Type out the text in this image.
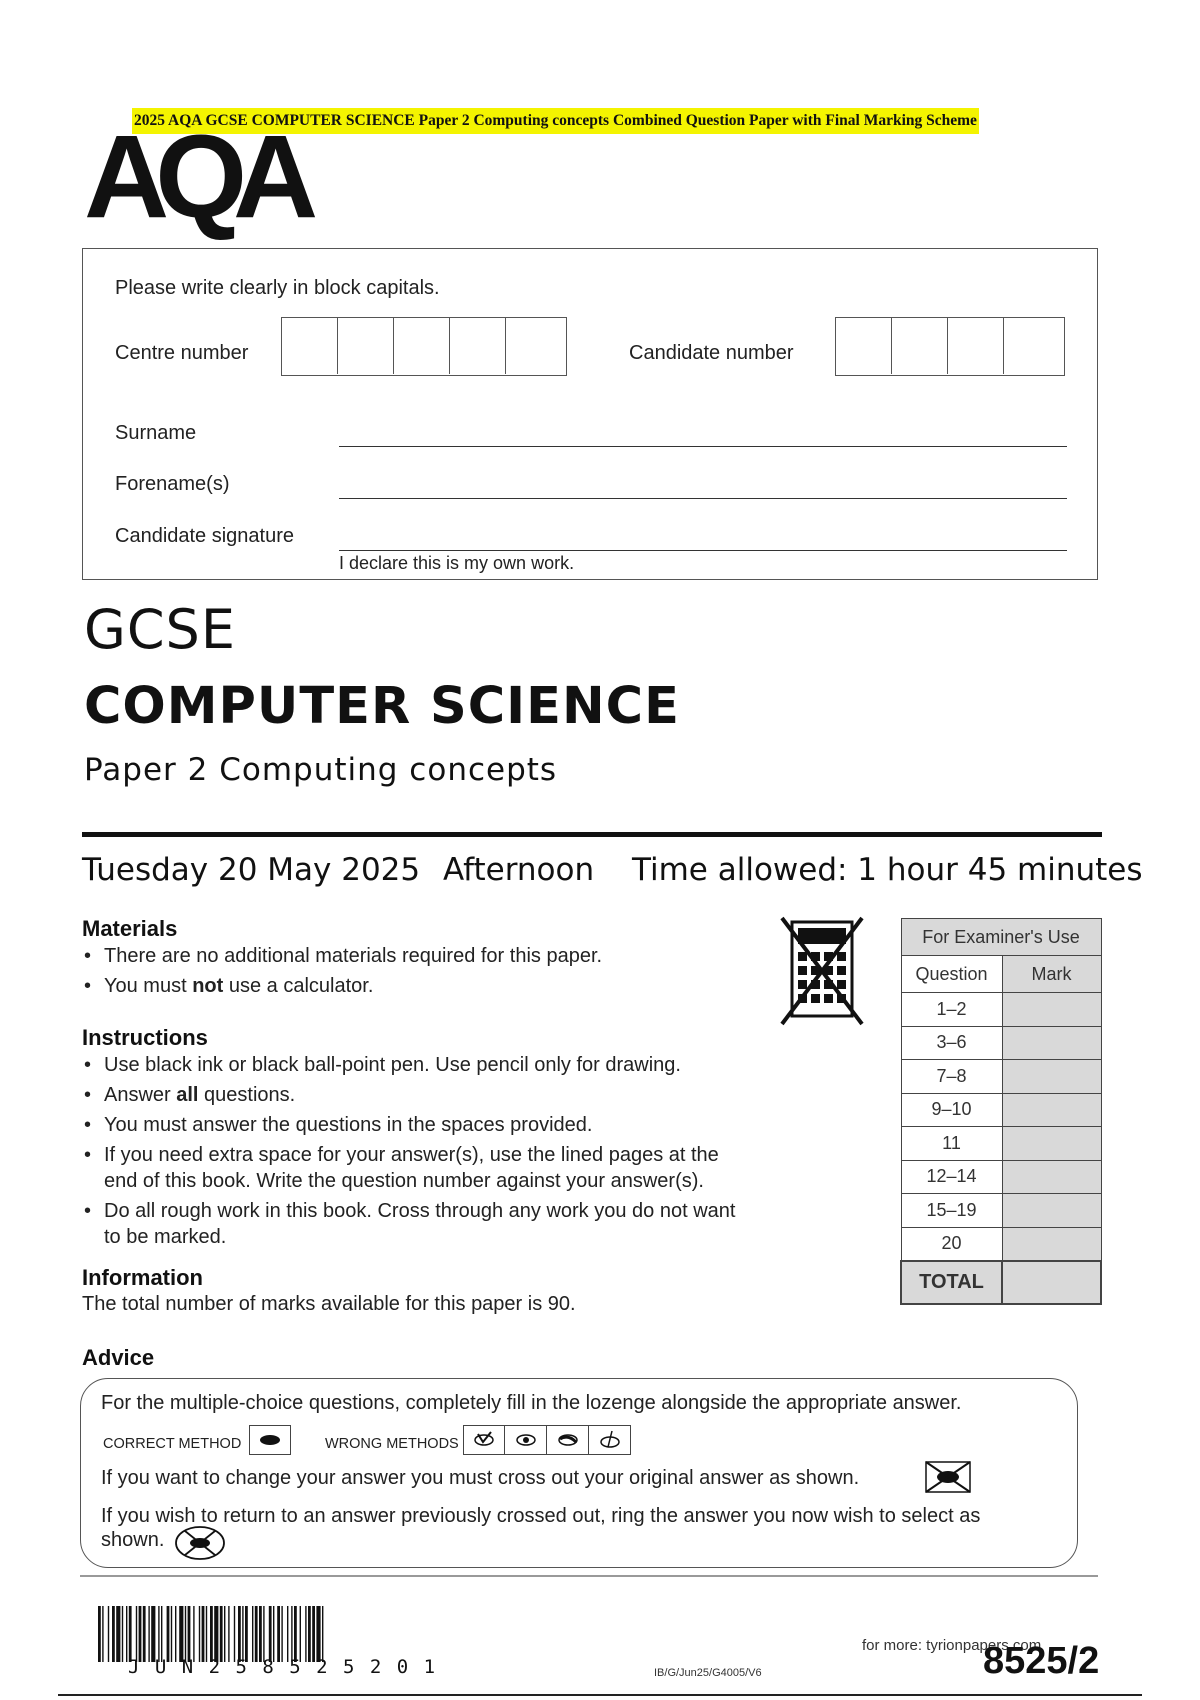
2025 AQA GCSE COMPUTER SCIENCE Paper 2 Computing concepts Combined Question Paper with Final Marking Scheme
AQA
Please write clearly in block capitals.
Centre number	Candidate number
Surname
Forename(s)
Candidate signature
I declare this is my own work.
GCSE
COMPUTER SCIENCE
Paper 2 Computing concepts
Tuesday 20 May 2025 Afternoon Time allowed: 1 hour 45 minutes
Materials
• There are no additional materials required for this paper.
• You must not use a calculator.
Instructions
• Use black ink or black ball-point pen. Use pencil only for drawing.
• Answer all questions.
• You must answer the questions in the spaces provided.
• If you need extra space for your answer(s), use the lined pages at the end of this book. Write the question number against your answer(s).
• Do all rough work in this book. Cross through any work you do not want to be marked.
Information
The total number of marks available for this paper is 90.
For Examiner's Use	
Question	Mark
1–2	
3–6	
7–8	
9–10	
11	
12–14	
15–19	
20	
TOTAL	
Advice
For the multiple-choice questions, completely fill in the lozenge alongside the appropriate answer.
CORRECT METHOD	WRONG METHODS
If you want to change your answer you must cross out your original answer as shown.
If you wish to return to an answer previously crossed out, ring the answer you now wish to select as
shown.
J U N 2 5 8 5 2 5 2 0 1	IB/G/Jun25/G4005/V6
for more: tyrionpapers.com
8525/2
